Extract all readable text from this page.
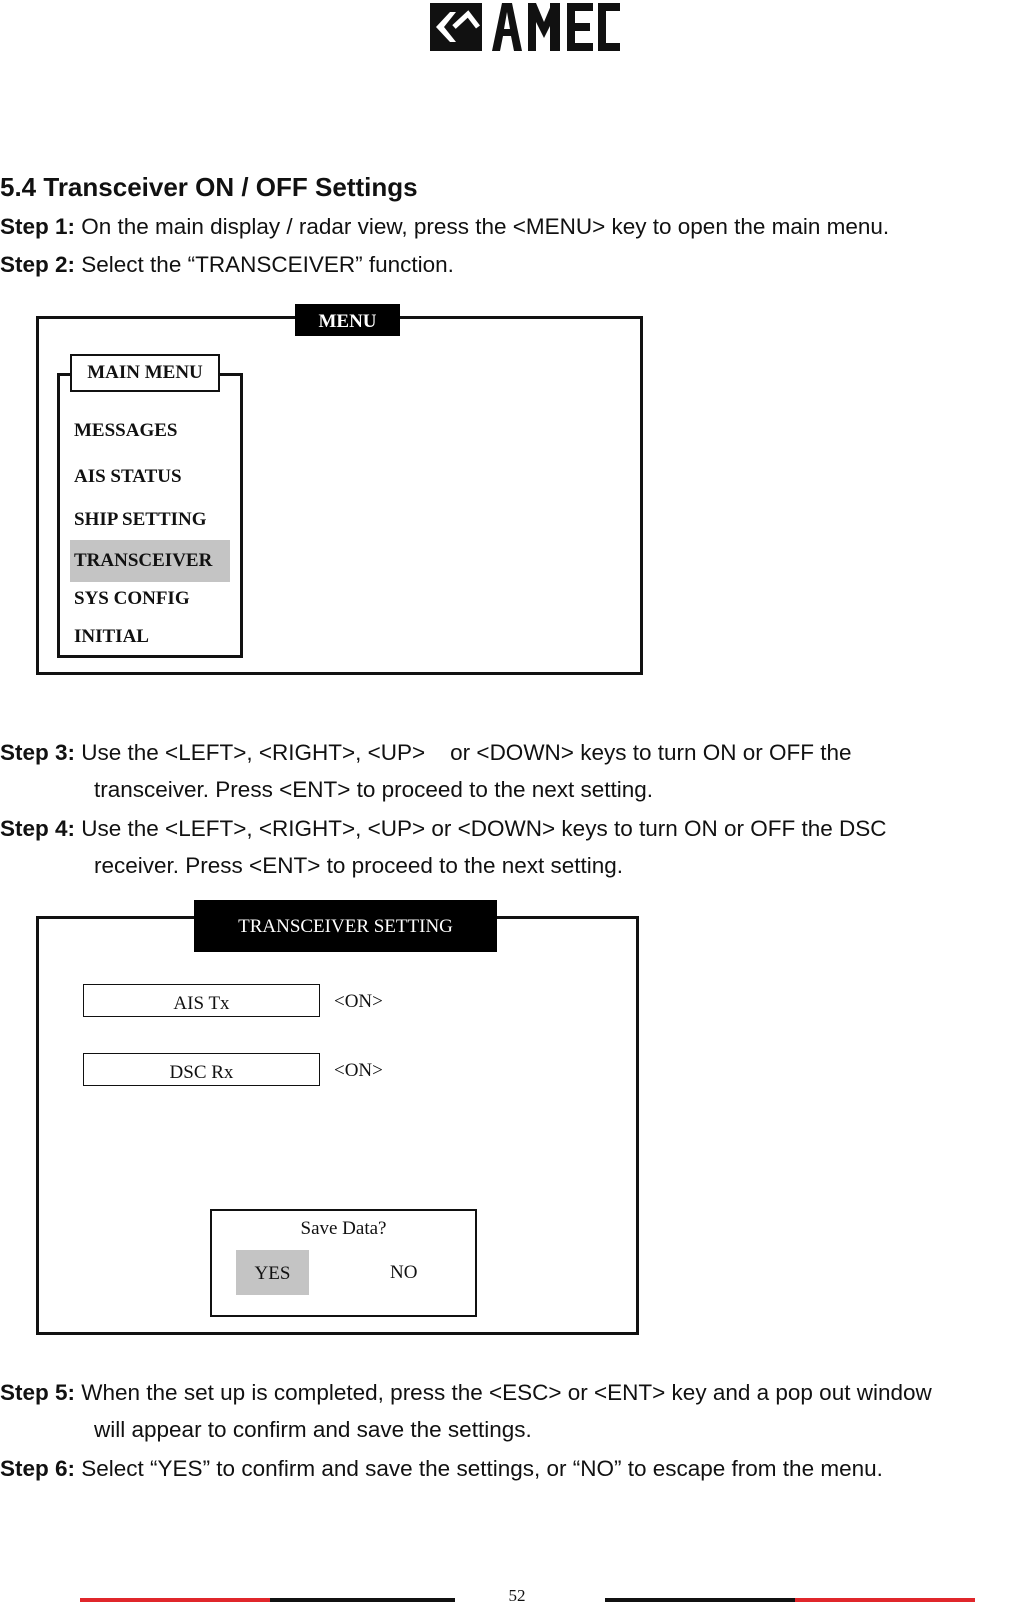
5.4 Transceiver ON / OFF Settings
Step 1: On the main display / radar view, press the <MENU> key to open the main menu.
Step 2: Select the “TRANSCEIVER” function.
MENU
MAIN MENU
MESSAGES
AIS STATUS
SHIP SETTING
TRANSCEIVER
SYS CONFIG
INITIAL
Step 3: Use the <LEFT>, <RIGHT>, <UP>    or <DOWN> keys to turn ON or OFF the
transceiver. Press <ENT> to proceed to the next setting.
Step 4: Use the <LEFT>, <RIGHT>, <UP> or <DOWN> keys to turn ON or OFF the DSC
receiver. Press <ENT> to proceed to the next setting.
TRANSCEIVER SETTING
AIS Tx	<ON>
DSC Rx	<ON>
Save Data?
YES	NO
Step 5: When the set up is completed, press the <ESC> or <ENT> key and a pop out window
will appear to confirm and save the settings.
Step 6: Select “YES” to confirm and save the settings, or “NO” to escape from the menu.
52
